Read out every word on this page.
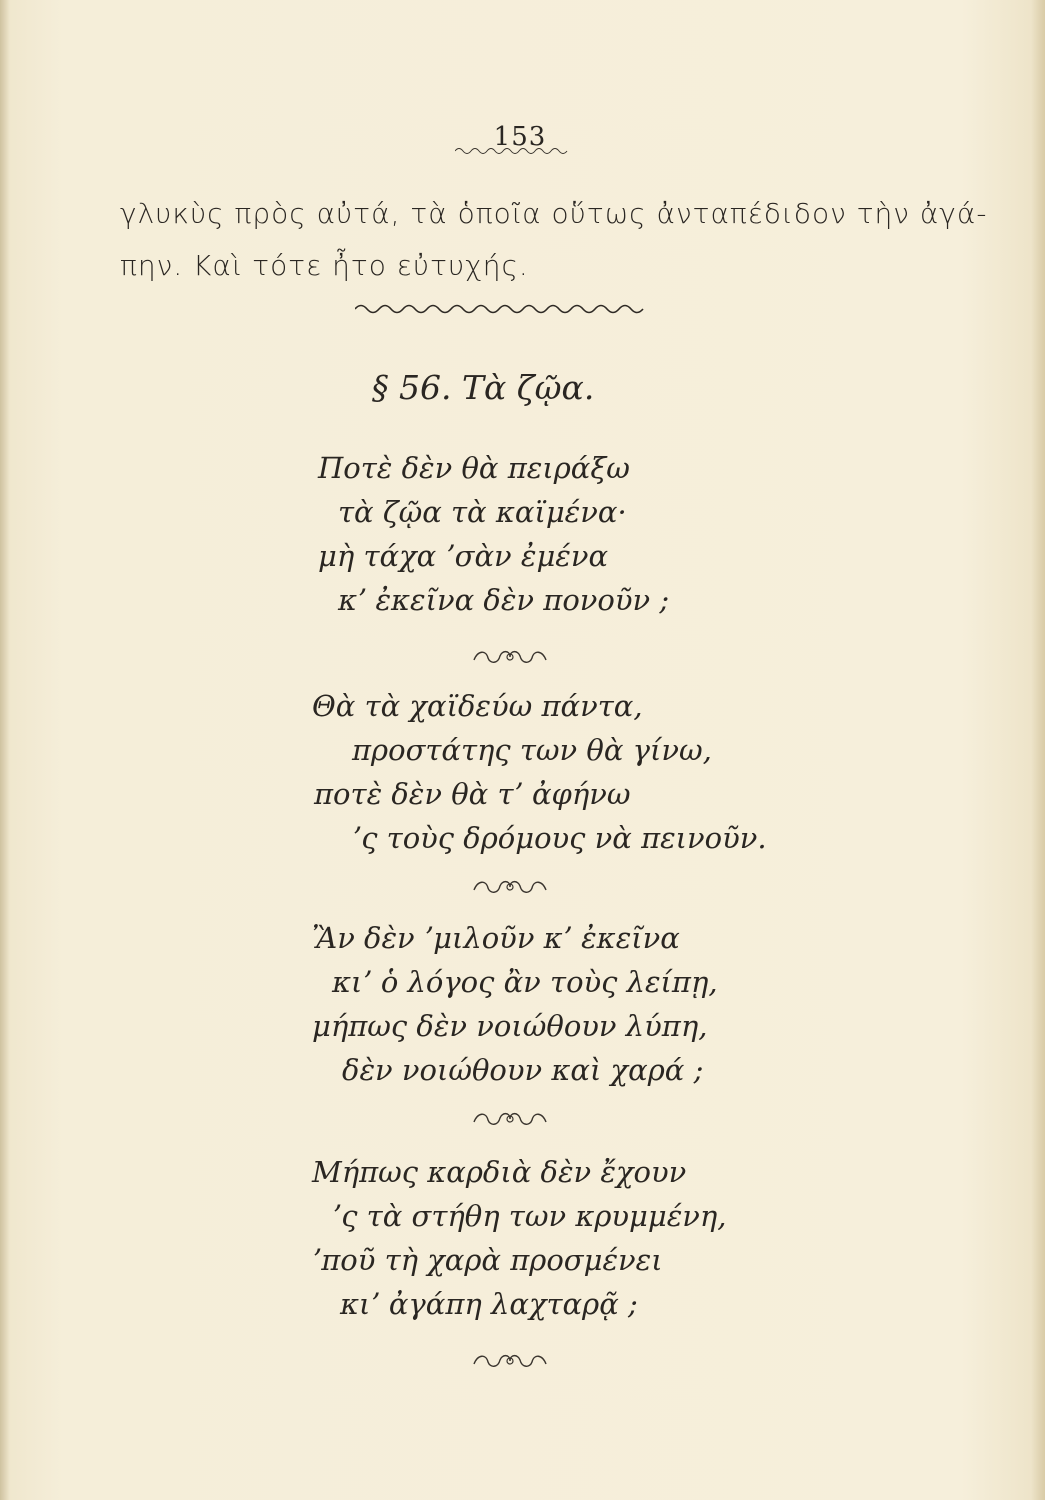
153
γλυκὺς πρὸς αὐτά, τὰ ὁποῖα οὕτως ἀνταπέδιδον τὴν ἀγά-
πην. Καὶ τότε ἦτο εὐτυχής.
§ 56. Τὰ ζῷα.
Ποτὲ δὲν θὰ πειράξω
τὰ ζῷα τὰ καϊμένα·
μὴ τάχα ʼσὰν ἐμένα
κʼ ἐκεῖνα δὲν πονοῦν ;
Θὰ τὰ χαϊδεύω πάντα,
προστάτης των θὰ γίνω,
ποτὲ δὲν θὰ τʼ ἀφήνω
ʼς τοὺς δρόμους νὰ πεινοῦν.
Ἂν δὲν ʼμιλοῦν κʼ ἐκεῖνα
κιʼ ὁ λόγος ἂν τοὺς λείπῃ,
μήπως δὲν νοιώθουν λύπη,
δὲν νοιώθουν καὶ χαρά ;
Μήπως καρδιὰ δὲν ἔχουν
ʼς τὰ στήθη των κρυμμένη,
ʼποῦ τὴ χαρὰ προσμένει
κιʼ ἀγάπη λαχταρᾷ ;
